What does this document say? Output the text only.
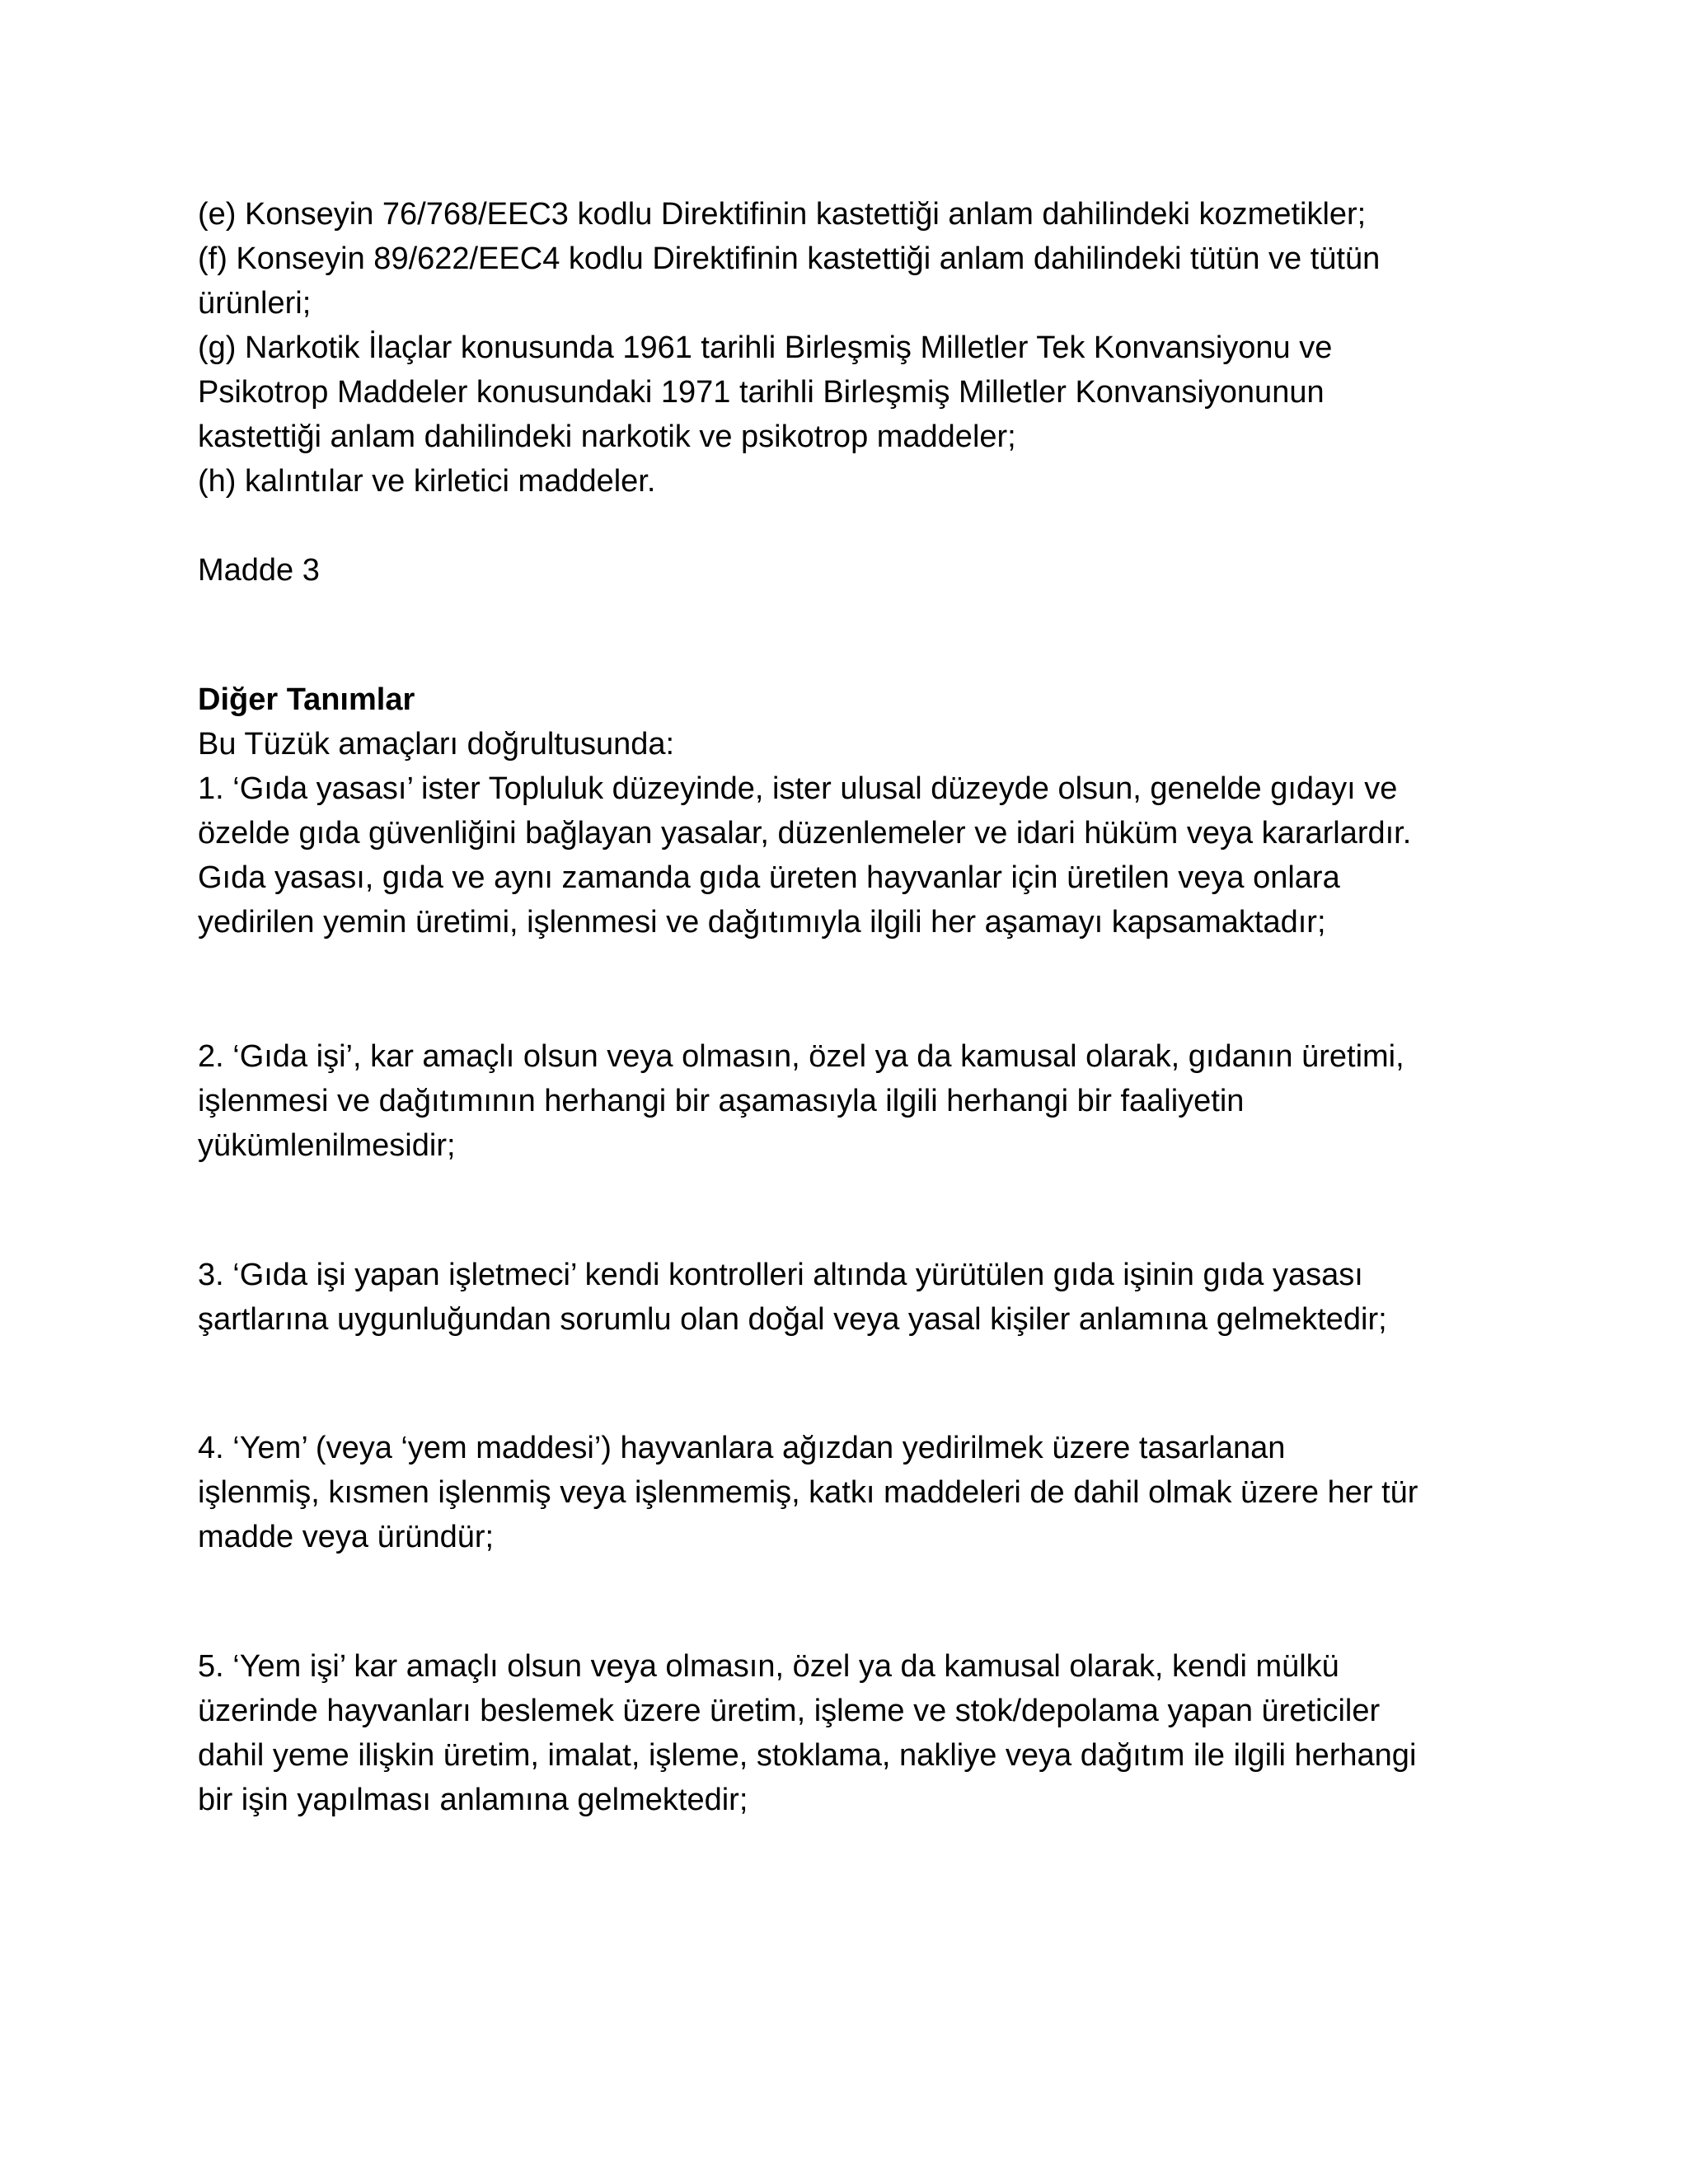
(e) Konseyin 76/768/EEC3 kodlu Direktifinin kastettiği anlam dahilindeki kozmetikler;

(f) Konseyin 89/622/EEC4 kodlu Direktifinin kastettiği anlam dahilindeki tütün ve tütün

ürünleri;

(g) Narkotik İlaçlar konusunda 1961 tarihli Birleşmiş Milletler Tek Konvansiyonu ve

Psikotrop Maddeler konusundaki 1971 tarihli Birleşmiş Milletler Konvansiyonunun

kastettiği anlam dahilindeki narkotik ve psikotrop maddeler;

(h) kalıntılar ve kirletici maddeler.

Madde 3

Diğer Tanımlar

Bu Tüzük amaçları doğrultusunda:

1. ‘Gıda yasası’ ister Topluluk düzeyinde, ister ulusal düzeyde olsun, genelde gıdayı ve

özelde gıda güvenliğini bağlayan yasalar, düzenlemeler ve idari hüküm veya kararlardır.

Gıda yasası, gıda ve aynı zamanda gıda üreten hayvanlar için üretilen veya onlara

yedirilen yemin üretimi, işlenmesi ve dağıtımıyla ilgili her aşamayı kapsamaktadır;

2. ‘Gıda işi’, kar amaçlı olsun veya olmasın, özel ya da kamusal olarak, gıdanın üretimi,

işlenmesi ve dağıtımının herhangi bir aşamasıyla ilgili herhangi bir faaliyetin

yükümlenilmesidir;

3. ‘Gıda işi yapan işletmeci’ kendi kontrolleri altında yürütülen gıda işinin gıda yasası

şartlarına uygunluğundan sorumlu olan doğal veya yasal kişiler anlamına gelmektedir;

4. ‘Yem’ (veya ‘yem maddesi’) hayvanlara ağızdan yedirilmek üzere tasarlanan

işlenmiş, kısmen işlenmiş veya işlenmemiş, katkı maddeleri de dahil olmak üzere her tür

madde veya üründür;

5. ‘Yem işi’ kar amaçlı olsun veya olmasın, özel ya da kamusal olarak, kendi mülkü

üzerinde hayvanları beslemek üzere üretim, işleme ve stok/depolama yapan üreticiler

dahil yeme ilişkin üretim, imalat, işleme, stoklama, nakliye veya dağıtım ile ilgili herhangi

bir işin yapılması anlamına gelmektedir;
